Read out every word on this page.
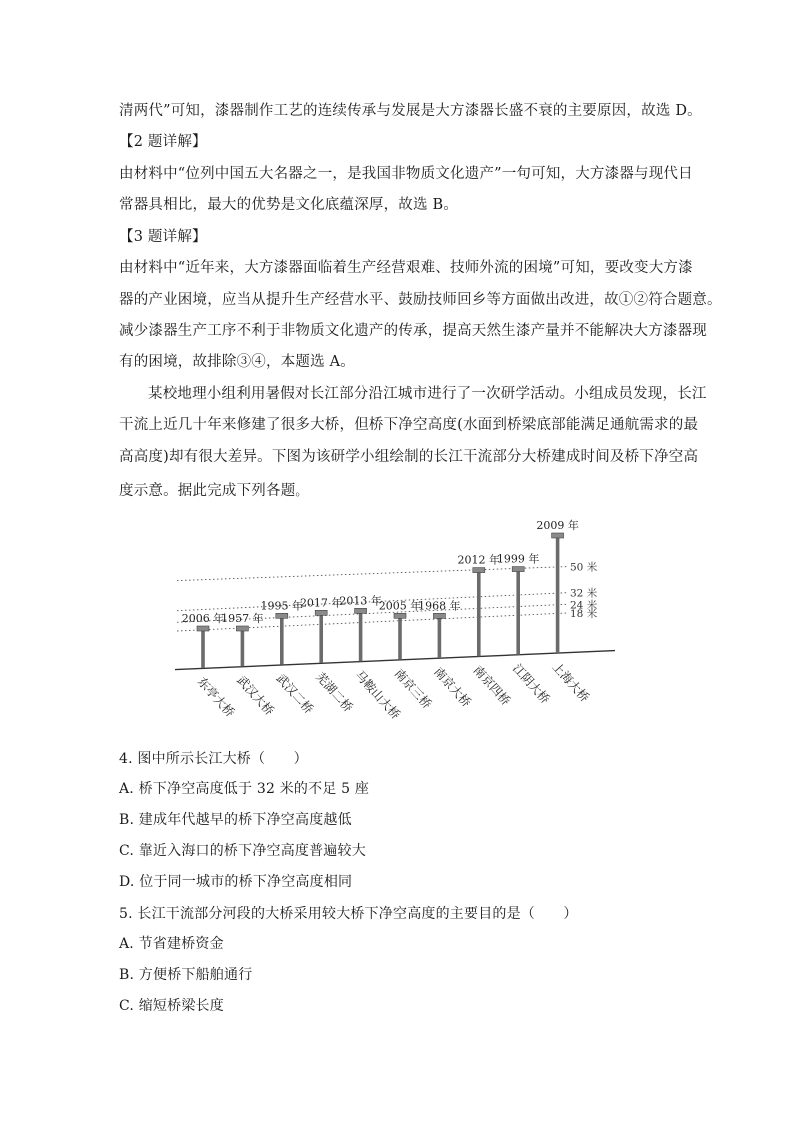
清两代”可知，漆器制作工艺的连续传承与发展是大方漆器长盛不衰的主要原因，故选 D。
【2 题详解】
由材料中“位列中国五大名器之一，是我国非物质文化遗产”一句可知，大方漆器与现代日
常器具相比，最大的优势是文化底蕴深厚，故选 B。
【3 题详解】
由材料中“近年来，大方漆器面临着生产经营艰难、技师外流的困境”可知，要改变大方漆
器的产业困境，应当从提升生产经营水平、鼓励技师回乡等方面做出改进，故①②符合题意。
减少漆器生产工序不利于非物质文化遗产的传承，提高天然生漆产量并不能解决大方漆器现
有的困境，故排除③④，本题选 A。
某校地理小组利用暑假对长江部分沿江城市进行了一次研学活动。小组成员发现，长江
干流上近几十年来修建了很多大桥，但桥下净空高度(水面到桥梁底部能满足通航需求的最
高高度)却有很大差异。下图为该研学小组绘制的长江干流部分大桥建成时间及桥下净空高
度示意。据此完成下列各题。
50 米
32 米
24 米
18 米
2006 年
东亭大桥
1957 年
武汉大桥
1995 年
武汉二桥
2017 年
芜湖二桥
2013 年
马鞍山大桥
2005 年
南京三桥
1968 年
南京大桥
2012 年
南京四桥
1999 年
江阴大桥
2009 年
上海大桥
4. 图中所示长江大桥（　　）
A. 桥下净空高度低于 32 米的不足 5 座
B. 建成年代越早的桥下净空高度越低
C. 靠近入海口的桥下净空高度普遍较大
D. 位于同一城市的桥下净空高度相同
5. 长江干流部分河段的大桥采用较大桥下净空高度的主要目的是（　　）
A. 节省建桥资金
B. 方便桥下船舶通行
C. 缩短桥梁长度
